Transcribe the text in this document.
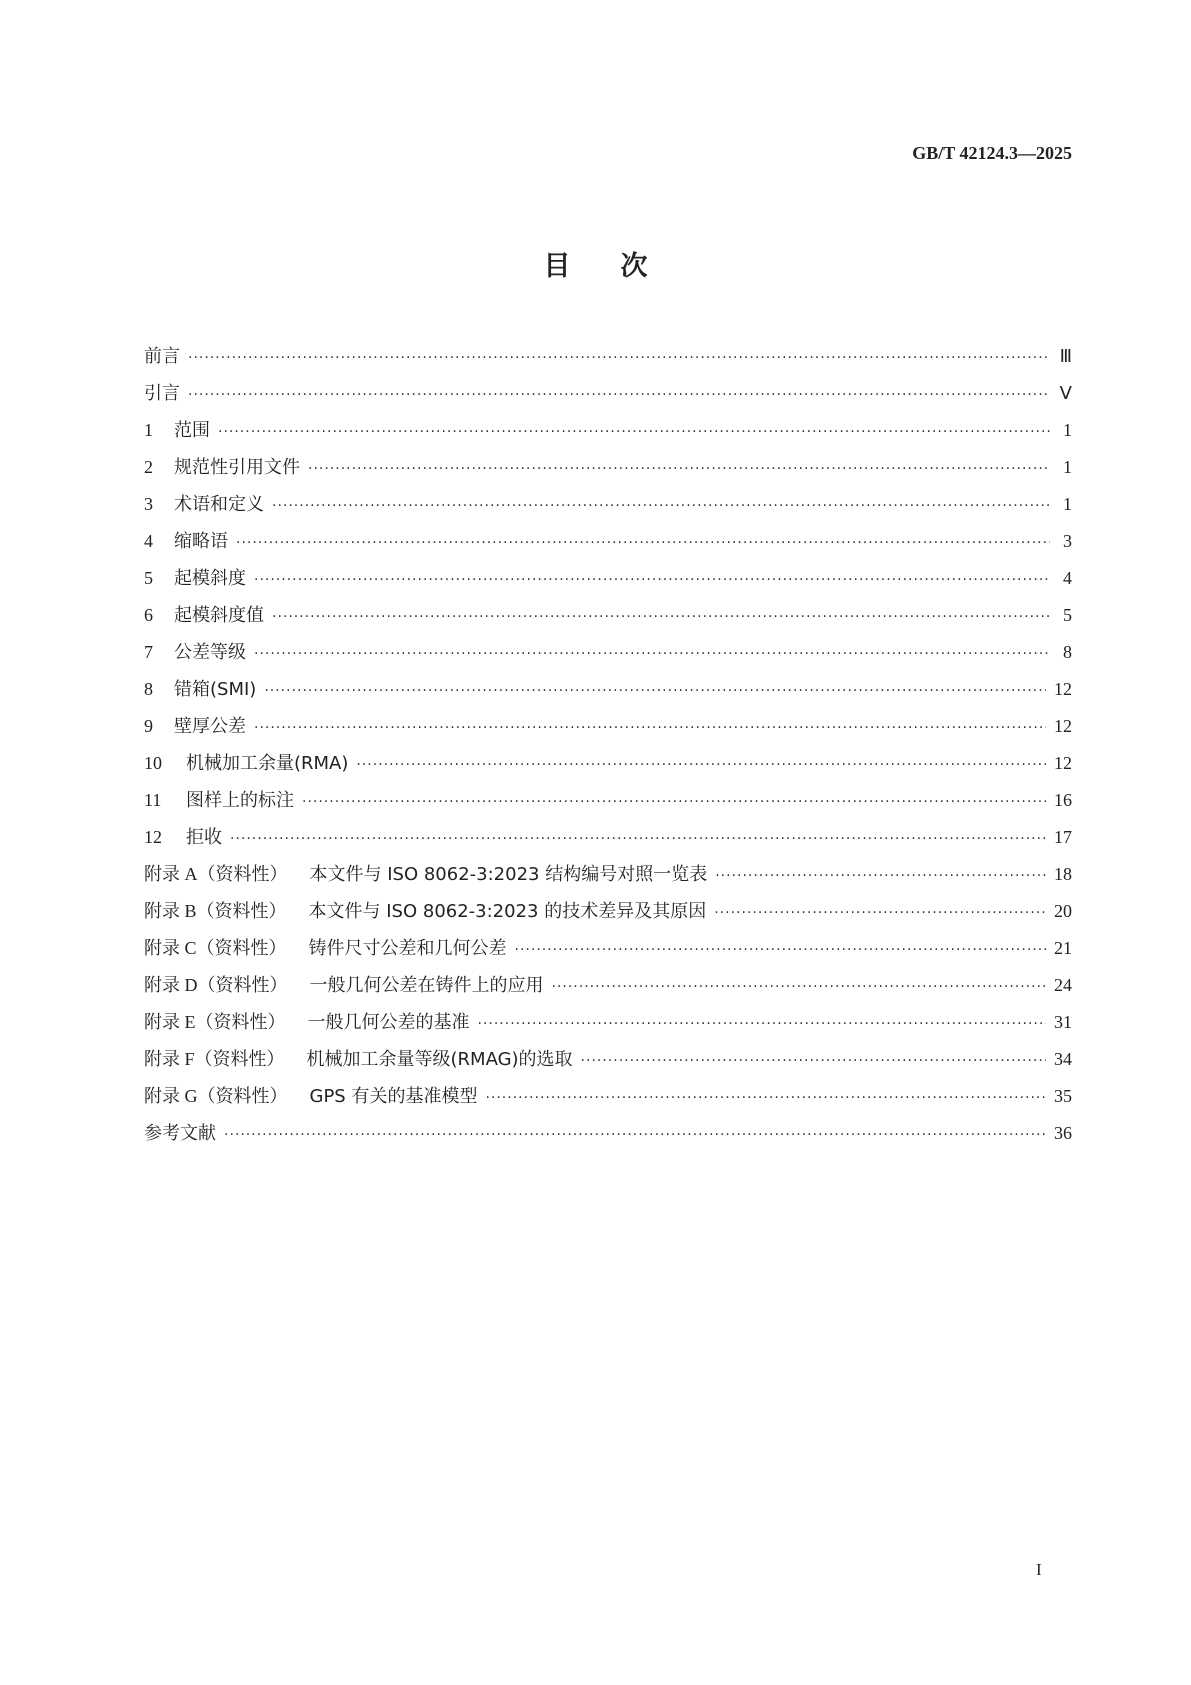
GB/T 42124.3—2025
目次
前言 ·····	Ⅲ
引言 ·····	Ⅴ
1	范围 ·····	1
2	规范性引用文件 ·····	1
3	术语和定义 ·····	1
4	缩略语 ·····	3
5	起模斜度 ·····	4
6	起模斜度值 ·····	5
7	公差等级 ·····	8
8	错箱(SMI) ·····	12
9	壁厚公差 ·····	12
10	机械加工余量(RMA) ·····	12
11	图样上的标注 ·····	16
12	拒收 ·····	17
附录 A（资料性） 本文件与 ISO 8062-3:2023 结构编号对照一览表 ·····	18
附录 B（资料性） 本文件与 ISO 8062-3:2023 的技术差异及其原因 ·····	20
附录 C（资料性） 铸件尺寸公差和几何公差 ·····	21
附录 D（资料性） 一般几何公差在铸件上的应用 ·····	24
附录 E（资料性） 一般几何公差的基准 ·····	31
附录 F（资料性） 机械加工余量等级(RMAG)的选取 ·····	34
附录 G（资料性） GPS 有关的基准模型 ·····	35
参考文献 ·····	36
I
